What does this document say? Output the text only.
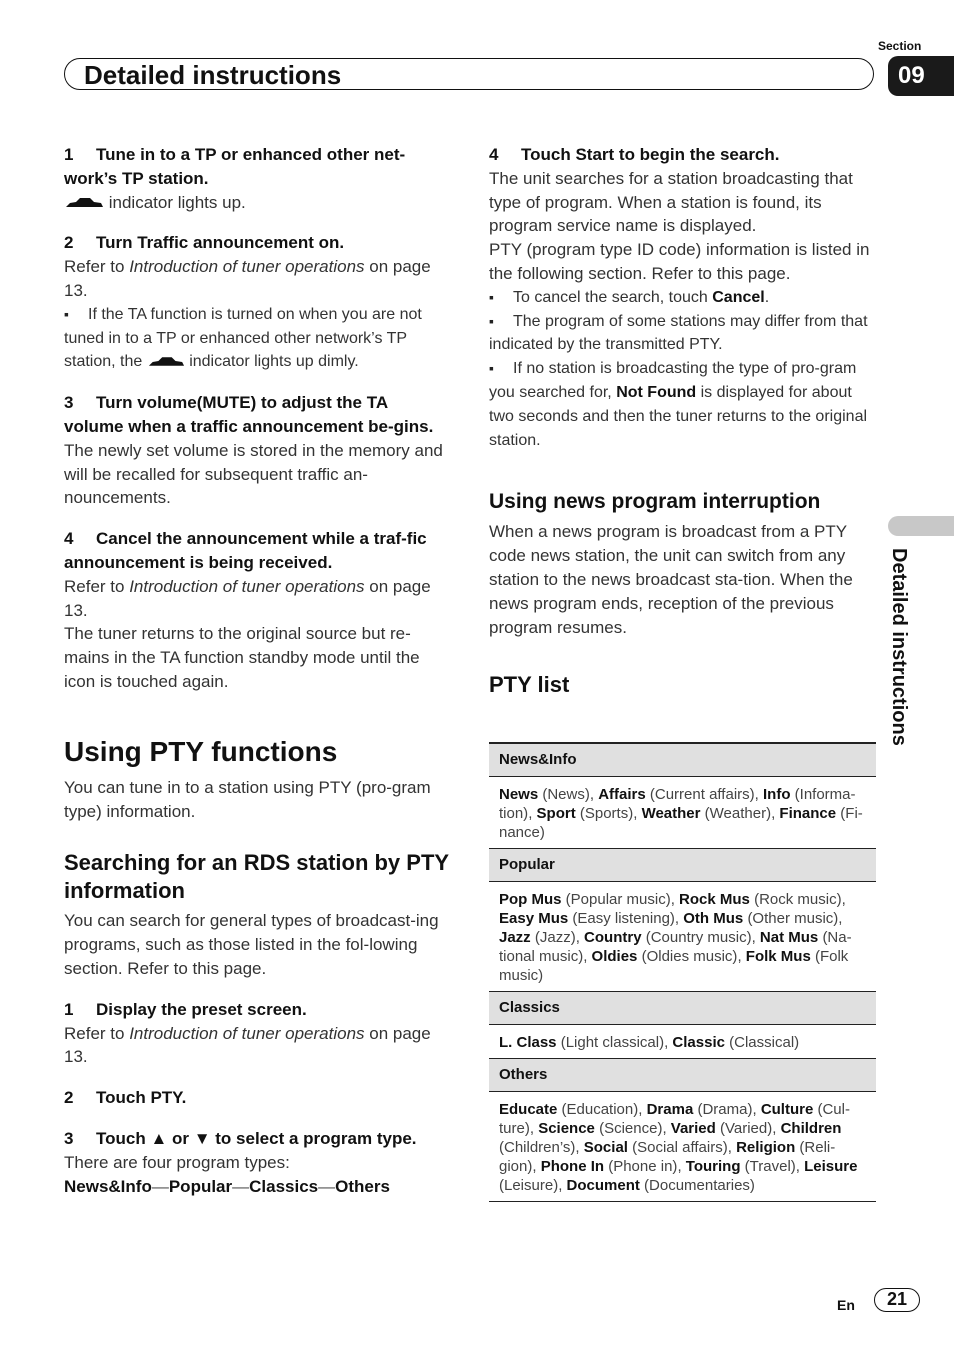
Detailed instructions
Section
09
Detailed instructions

1 Tune in to a TP or enhanced other net-work’s TP station.

indicator lights up.

2 Turn Traffic announcement on.

Refer to Introduction of tuner operations on page 13.

▪ If the TA function is turned on when you are not tuned in to a TP or enhanced other network’s TP station, the	indicator lights up dimly.

3 Turn volume(MUTE) to adjust the TA volume when a traffic announcement be-gins.

The newly set volume is stored in the memory and will be recalled for subsequent traffic an-nouncements.

4 Cancel the announcement while a traf-fic announcement is being received.

Refer to Introduction of tuner operations on page 13.

The tuner returns to the original source but re-mains in the TA function standby mode until the icon is touched again.

Using PTY functions

You can tune in to a station using PTY (pro-gram type) information.

Searching for an RDS station by PTY information

You can search for general types of broadcast-ing programs, such as those listed in the fol-lowing section. Refer to this page.

1 Display the preset screen.

Refer to Introduction of tuner operations on page 13.

2 Touch PTY.

3 Touch ▲ or ▼ to select a program type.

There are four program types:

News&Info—Popular—Classics—Others

4 Touch Start to begin the search.

The unit searches for a station broadcasting that type of program. When a station is found, its program service name is displayed.

PTY (program type ID code) information is listed in the following section. Refer to this page.

▪ To cancel the search, touch Cancel.

▪ The program of some stations may differ from that indicated by the transmitted PTY.

▪ If no station is broadcasting the type of pro-gram you searched for, Not Found is displayed for about two seconds and then the tuner returns to the original station.

Using news program interruption

When a news program is broadcast from a PTY code news station, the unit can switch from any station to the news broadcast sta-tion. When the news program ends, reception of the previous program resumes.

PTY list

News&Info
News (News), Affairs (Current affairs), Info (Informa-tion), Sport (Sports), Weather (Weather), Finance (Fi-nance)
Popular
Pop Mus (Popular music), Rock Mus (Rock music), Easy Mus (Easy listening), Oth Mus (Other music), Jazz (Jazz), Country (Country music), Nat Mus (Na-tional music), Oldies (Oldies music), Folk Mus (Folk music)
Classics
L. Class (Light classical), Classic (Classical)
Others
Educate (Education), Drama (Drama), Culture (Cul-ture), Science (Science), Varied (Varied), Children (Children’s), Social (Social affairs), Religion (Reli-gion), Phone In (Phone in), Touring (Travel), Leisure (Leisure), Document (Documentaries)
En	21
